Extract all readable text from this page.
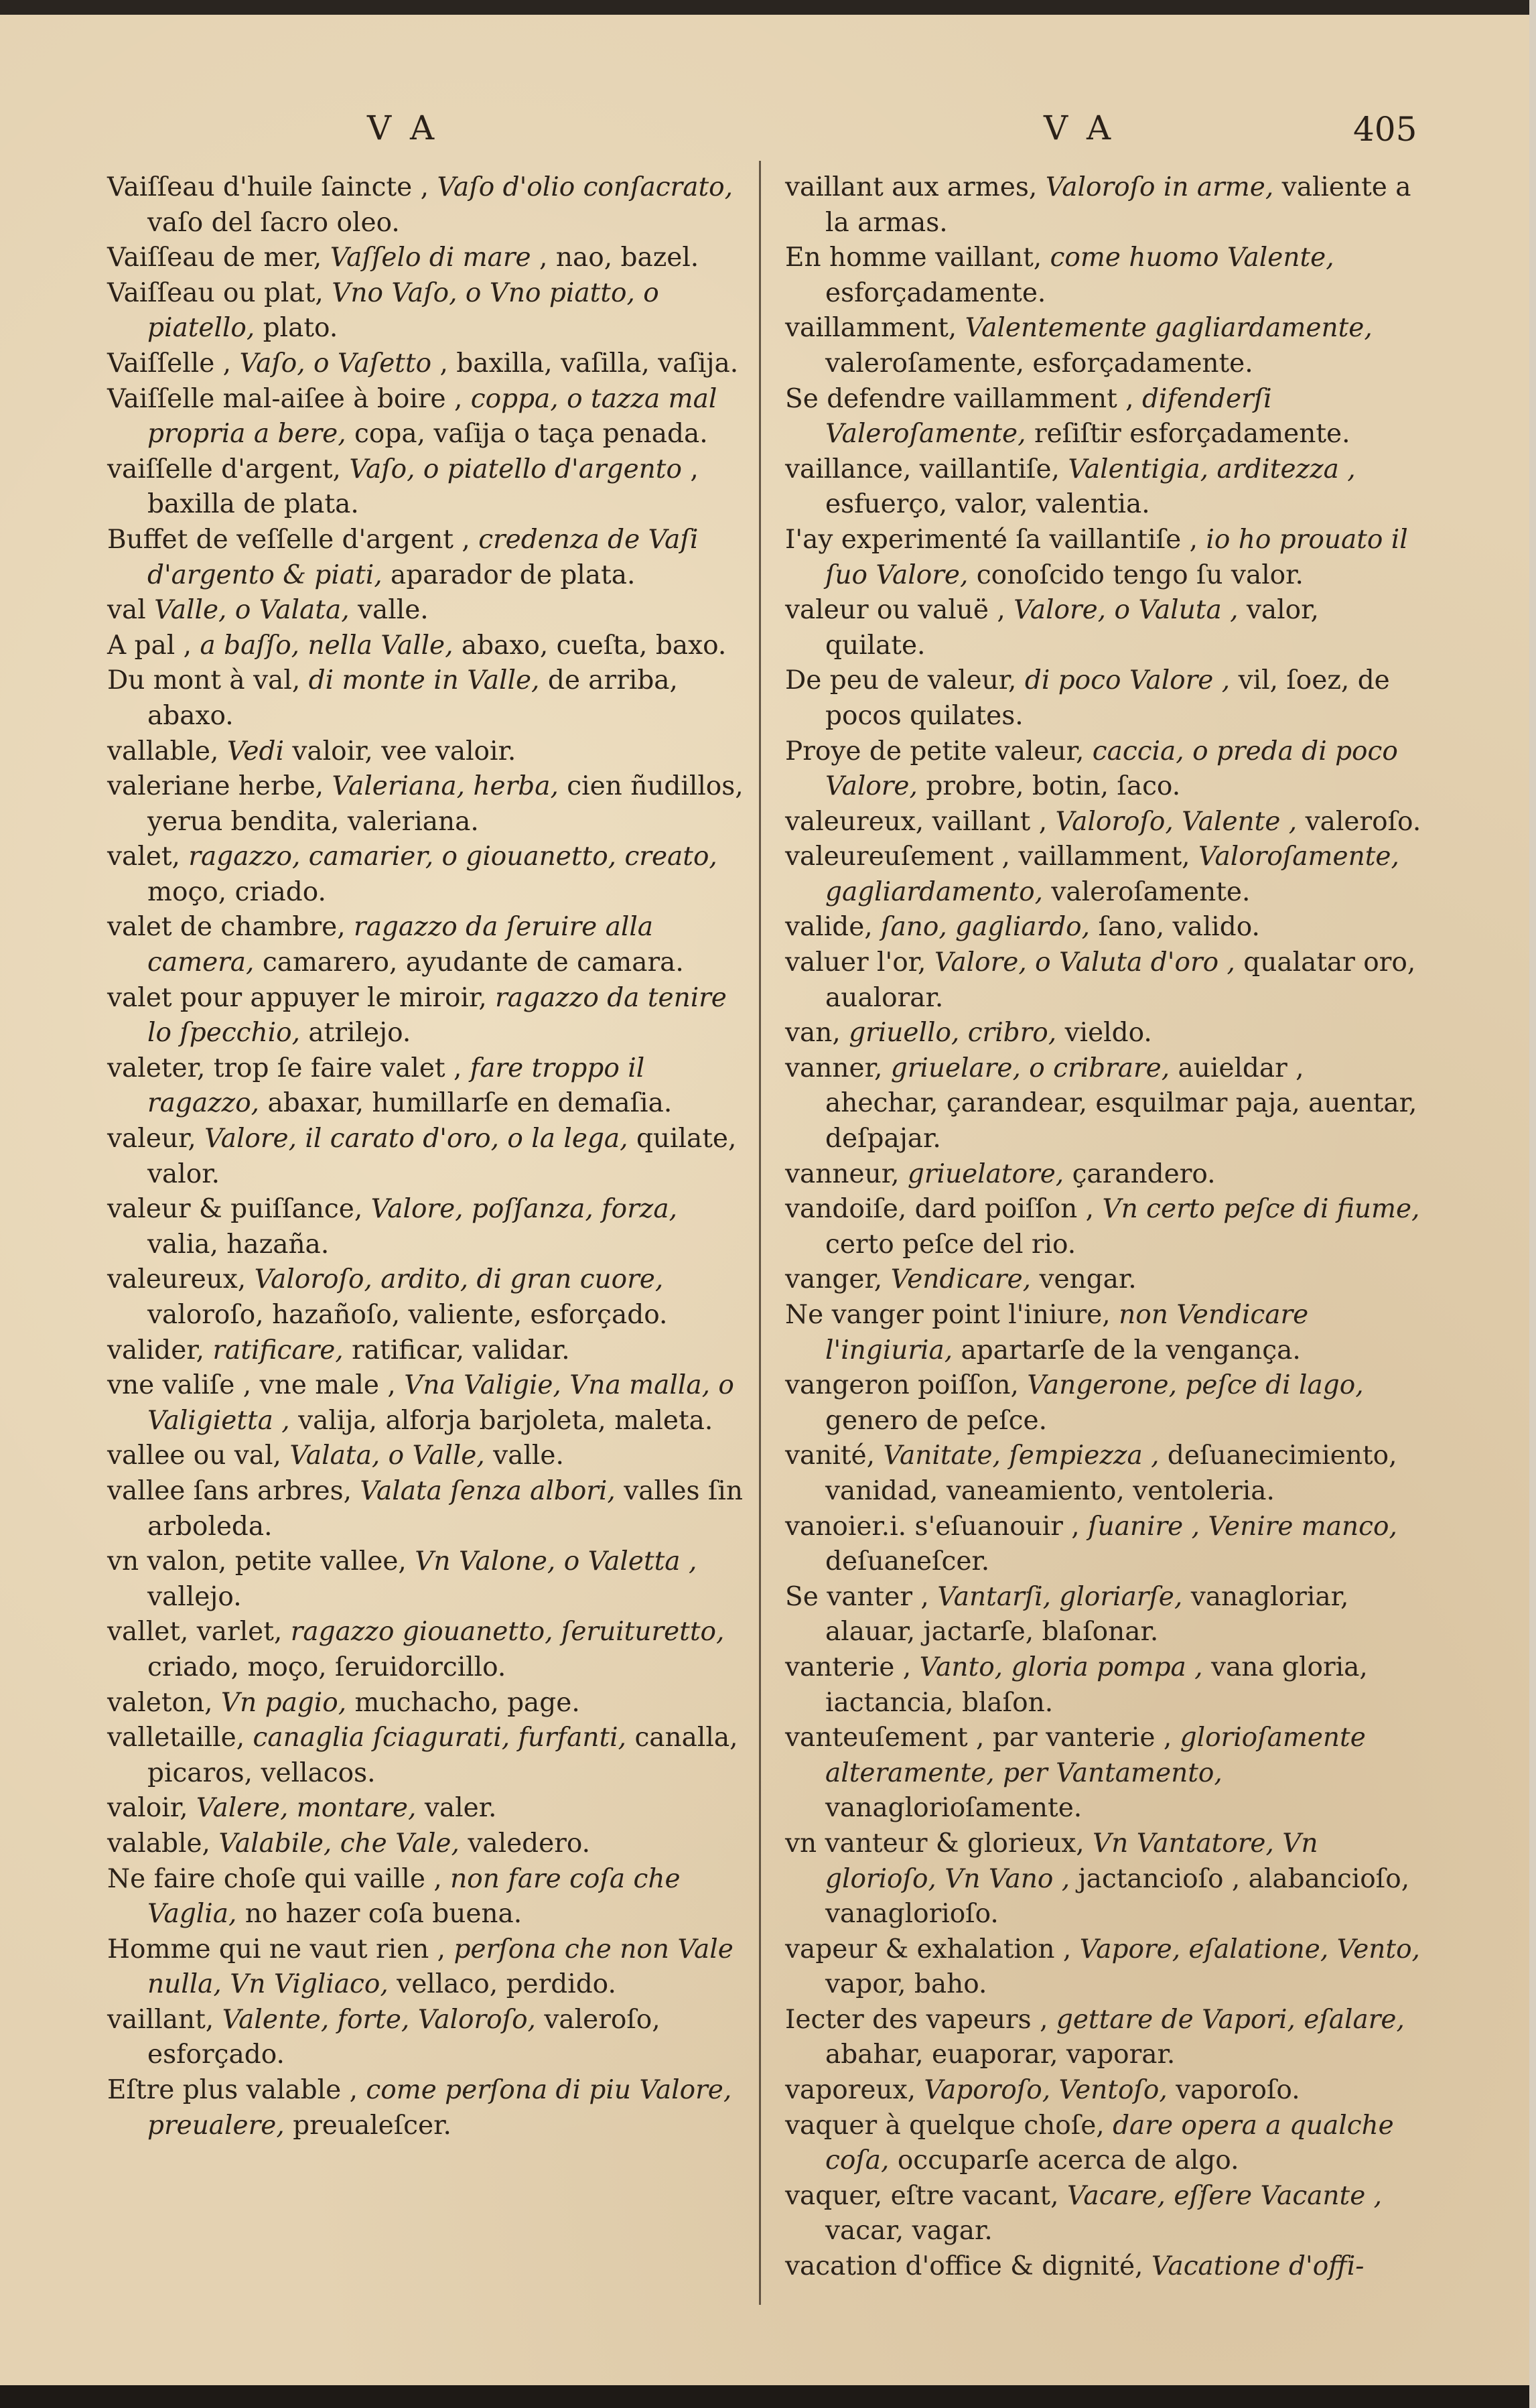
V A	V A	405

Vaiſſeau d'huile ſaincte , Vaſo d'olio conſacrato, vaſo del ſacro oleo.

Vaiſſeau de mer, Vaſſelo di mare , nao, bazel.

Vaiſſeau ou plat, Vno Vaſo, o Vno piatto, o piatello, plato.

Vaiſſelle , Vaſo, o Vaſetto , baxilla, vaſilla, vaſija.

Vaiſſelle mal-aiſee à boire , coppa, o tazza mal propria a bere, copa, vaſija o taça penada.

vaiſſelle d'argent, Vaſo, o piatello d'argento , baxilla de plata.

Buffet de veſſelle d'argent , credenza de Vaſi d'argento & piati, aparador de plata.

val Valle, o Valata, valle.

A pal , a baſſo, nella Valle, abaxo, cueſta, baxo.

Du mont à val, di monte in Valle, de arriba, abaxo.

vallable, Vedi valoir, vee valoir.

valeriane herbe, Valeriana, herba, cien ñudillos, yerua bendita, valeriana.

valet, ragazzo, camarier, o giouanetto, creato, moço, criado.

valet de chambre, ragazzo da ſeruire alla camera, camarero, ayudante de camara.

valet pour appuyer le miroir, ragazzo da tenire lo ſpecchio, atrilejo.

valeter, trop ſe faire valet , fare troppo il ragazzo, abaxar, humillarſe en demaſia.

valeur, Valore, il carato d'oro, o la lega, quilate, valor.

valeur & puiſſance, Valore, poſſanza, forza, valia, hazaña.

valeureux, Valoroſo, ardito, di gran cuore, valoroſo, hazañoſo, valiente, esforçado.

valider, ratificare, ratificar, validar.

vne valiſe , vne male , Vna Valigie, Vna malla, o Valigietta , valija, alforja barjoleta, maleta.

vallee ou val, Valata, o Valle, valle.

vallee ſans arbres, Valata ſenza albori, valles ſin arboleda.

vn valon, petite vallee, Vn Valone, o Valetta , vallejo.

vallet, varlet, ragazzo giouanetto, ſeruituretto, criado, moço, ſeruidorcillo.

valeton, Vn pagio, muchacho, page.

valletaille, canaglia ſciagurati, furfanti, canalla, picaros, vellacos.

valoir, Valere, montare, valer.

valable, Valabile, che Vale, valedero.

Ne faire choſe qui vaille , non fare coſa che Vaglia, no hazer coſa buena.

Homme qui ne vaut rien , perſona che non Vale nulla, Vn Vigliaco, vellaco, perdido.

vaillant, Valente, forte, Valoroſo, valeroſo, esforçado.

Eſtre plus valable , come perſona di piu Valore, preualere, preualeſcer.

vaillant aux armes, Valoroſo in arme, valiente a la armas.

En homme vaillant, come huomo Valente, esforçadamente.

vaillamment, Valentemente gagliardamente, valeroſamente, esforçadamente.

Se defendre vaillamment , difenderſi Valeroſamente, reſiſtir esforçadamente.

vaillance, vaillantiſe, Valentigia, arditezza , esfuerço, valor, valentia.

I'ay experimenté ſa vaillantiſe , io ho prouato il ſuo Valore, conoſcido tengo ſu valor.

valeur ou valuë , Valore, o Valuta , valor, quilate.

De peu de valeur, di poco Valore , vil, ſoez, de pocos quilates.

Proye de petite valeur, caccia, o preda di poco Valore, probre, botin, ſaco.

valeureux, vaillant , Valoroſo, Valente , valeroſo.

valeureuſement , vaillamment, Valoroſamente, gagliardamento, valeroſamente.

valide, ſano, gagliardo, ſano, valido.

valuer l'or, Valore, o Valuta d'oro , qualatar oro, aualorar.

van, griuello, cribro, vieldo.

vanner, griuelare, o cribrare, auieldar , ahechar, çarandear, esquilmar paja, auentar, deſpajar.

vanneur, griuelatore, çarandero.

vandoiſe, dard poiſſon , Vn certo peſce di fiume, certo peſce del rio.

vanger, Vendicare, vengar.

Ne vanger point l'iniure, non Vendicare l'ingiuria, apartarſe de la vengança.

vangeron poiſſon, Vangerone, peſce di lago, genero de peſce.

vanité, Vanitate, ſempiezza , deſuanecimiento, vanidad, vaneamiento, ventoleria.

vanoier.i. s'eſuanouir , ſuanire , Venire manco, deſuaneſcer.

Se vanter , Vantarſi, gloriarſe, vanagloriar, alauar, jactarſe, blaſonar.

vanterie , Vanto, gloria pompa , vana gloria, iactancia, blaſon.

vanteuſement , par vanterie , glorioſamente alteramente, per Vantamento, vanaglorioſamente.

vn vanteur & glorieux, Vn Vantatore, Vn glorioſo, Vn Vano , jactancioſo , alabancioſo, vanaglorioſo.

vapeur & exhalation , Vapore, eſalatione, Vento, vapor, baho.

Iecter des vapeurs , gettare de Vapori, eſalare, abahar, euaporar, vaporar.

vaporeux, Vaporoſo, Ventoſo, vaporoſo.

vaquer à quelque choſe, dare opera a qualche coſa, occuparſe acerca de algo.

vaquer, eſtre vacant, Vacare, eſſere Vacante , vacar, vagar.

vacation d'office & dignité, Vacatione d'offi-
